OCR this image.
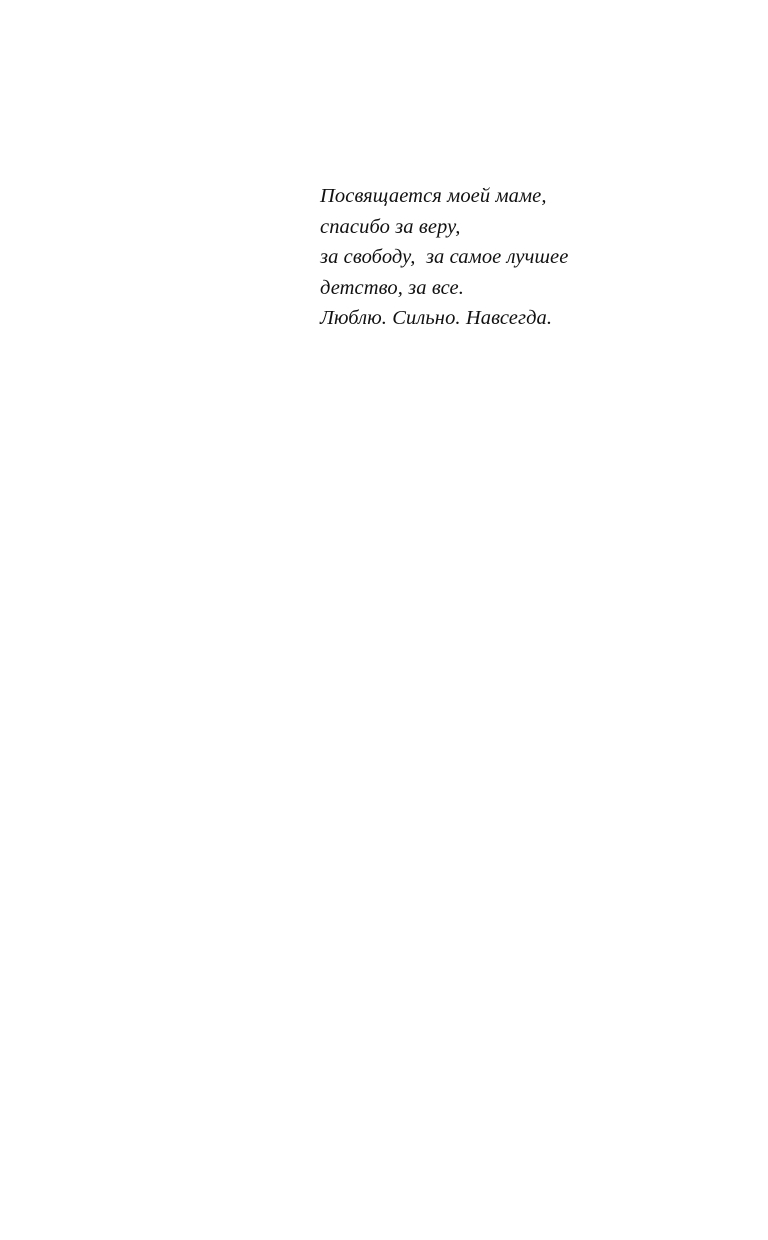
Посвящается моей маме,
спасибо за веру,
за свободу,  за самое лучшее
детство, за все.
Люблю. Сильно. Навсегда.
